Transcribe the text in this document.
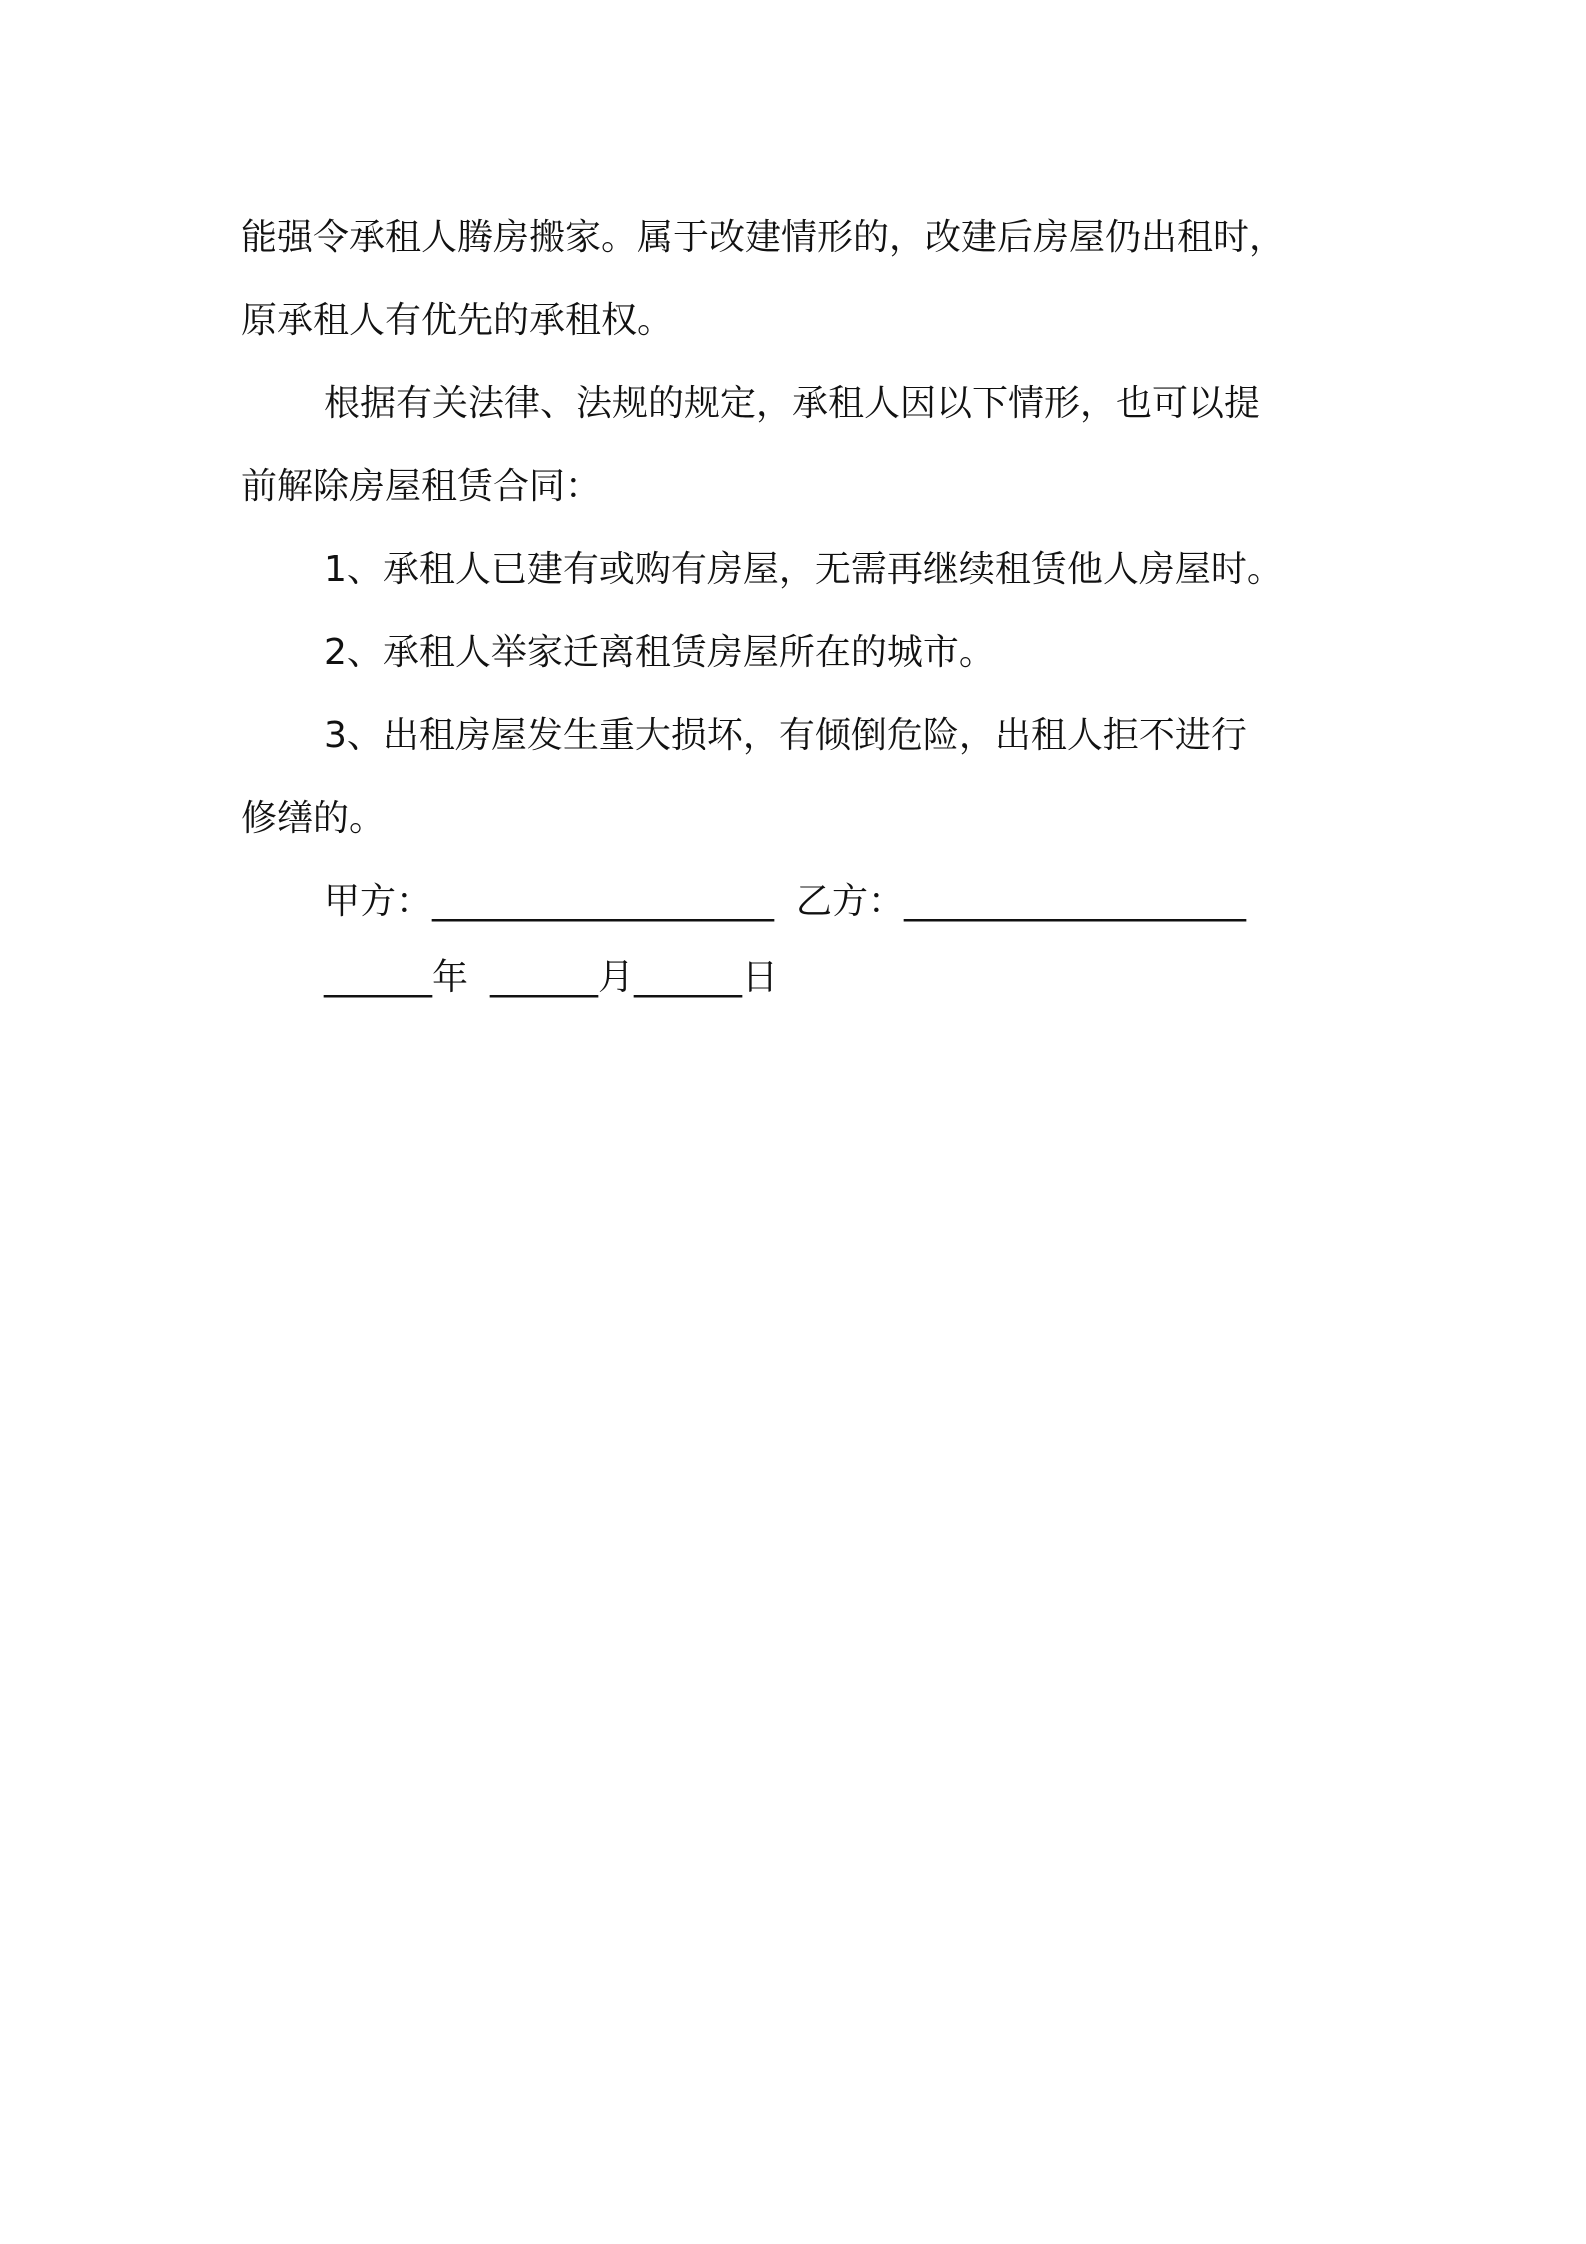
能强令承租人腾房搬家。属于改建情形的，改建后房屋仍出租时，

原承租人有优先的承租权。

根据有关法律、法规的规定，承租人因以下情形，也可以提

前解除房屋租赁合同：

1、承租人已建有或购有房屋，无需再继续租赁他人房屋时。

2、承租人举家迁离租赁房屋所在的城市。

3、出租房屋发生重大损坏，有倾倒危险，出租人拒不进行

修缮的。

甲方：___________________ 乙方：___________________

______年 ______月______日
